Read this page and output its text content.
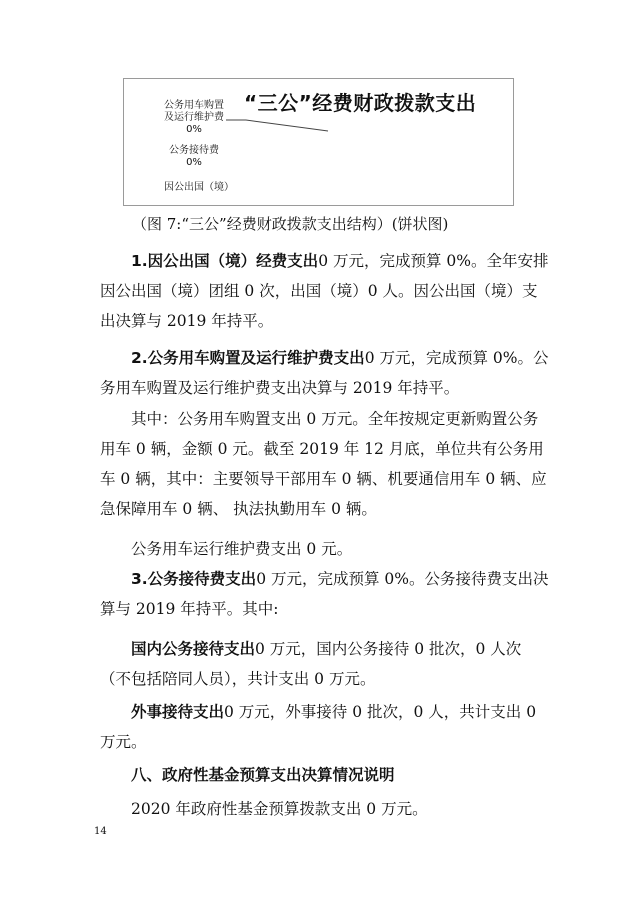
“三公”经费财政拨款支出
公务用车购置及运行维护费
0%
公务接待费
0%
因公出国（境）
（图 7:“三公”经费财政拨款支出结构）(饼状图)

1.因公出国（境）经费支出0 万元，完成预算 0%。全年安排因公出国（境）团组 0 次，出国（境）0 人。因公出国（境）支出决算与 2019 年持平。

2.公务用车购置及运行维护费支出0 万元，完成预算 0%。公务用车购置及运行维护费支出决算与 2019 年持平。

其中：公务用车购置支出 0 万元。全年按规定更新购置公务用车 0 辆，金额 0 元。截至 2019 年 12 月底，单位共有公务用车 0 辆，其中：主要领导干部用车 0 辆、机要通信用车 0 辆、应急保障用车 0 辆、 执法执勤用车 0 辆。

公务用车运行维护费支出 0 元。

3.公务接待费支出0 万元，完成预算 0%。公务接待费支出决算与 2019 年持平。其中:

国内公务接待支出0 万元，国内公务接待 0 批次，0 人次（不包括陪同人员），共计支出 0 万元。

外事接待支出0 万元，外事接待 0 批次，0 人，共计支出 0 万元。

八、政府性基金预算支出决算情况说明

2020 年政府性基金预算拨款支出 0 万元。

14
